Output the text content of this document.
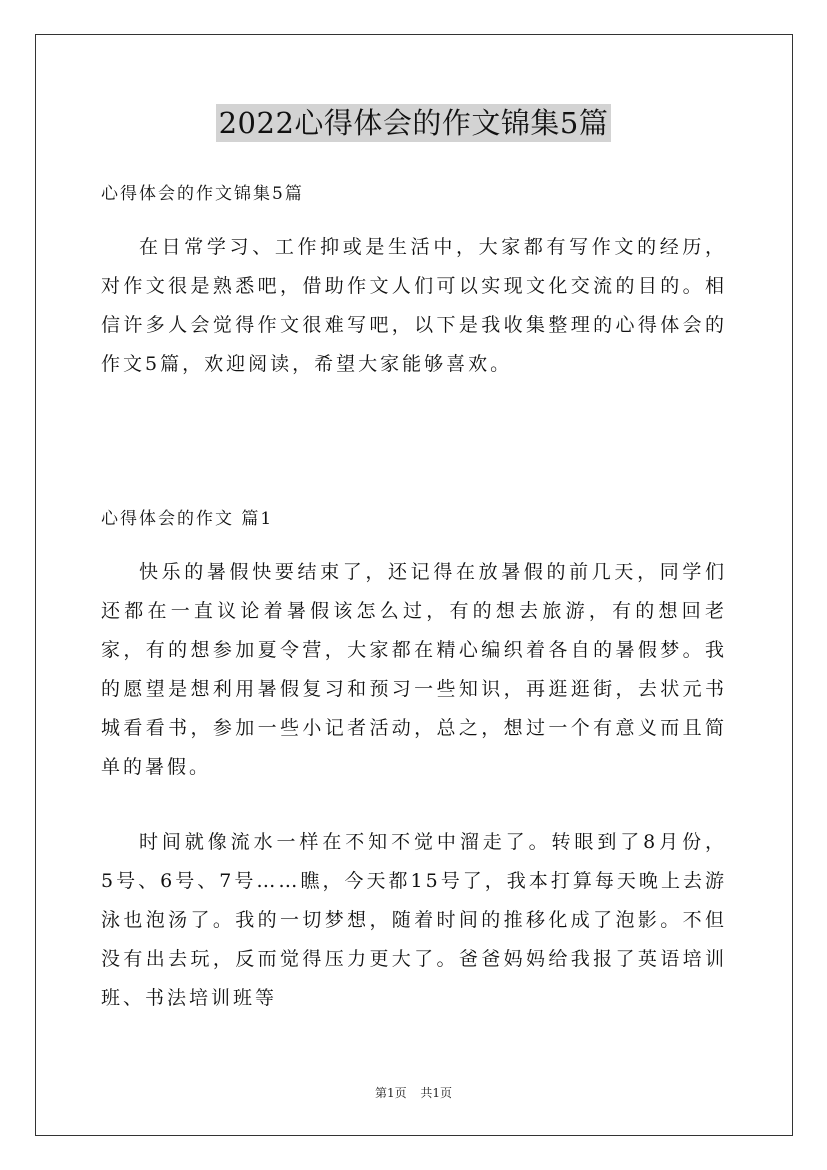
2022心得体会的作文锦集5篇
心得体会的作文锦集5篇

在日常学习、工作抑或是生活中，大家都有写作文的经历，对作文很是熟悉吧，借助作文人们可以实现文化交流的目的。相信许多人会觉得作文很难写吧，以下是我收集整理的心得体会的作文5篇，欢迎阅读，希望大家能够喜欢。

心得体会的作文 篇1

快乐的暑假快要结束了，还记得在放暑假的前几天，同学们还都在一直议论着暑假该怎么过，有的想去旅游，有的想回老家，有的想参加夏令营，大家都在精心编织着各自的暑假梦。我的愿望是想利用暑假复习和预习一些知识，再逛逛街，去状元书城看看书，参加一些小记者活动，总之，想过一个有意义而且简单的暑假。

时间就像流水一样在不知不觉中溜走了。转眼到了8月份， 5号、6号、7号……瞧，今天都15号了，我本打算每天晚上去游泳也泡汤了。我的一切梦想，随着时间的推移化成了泡影。不但没有出去玩，反而觉得压力更大了。爸爸妈妈给我报了英语培训班、书法培训班等

第1页 共1页
